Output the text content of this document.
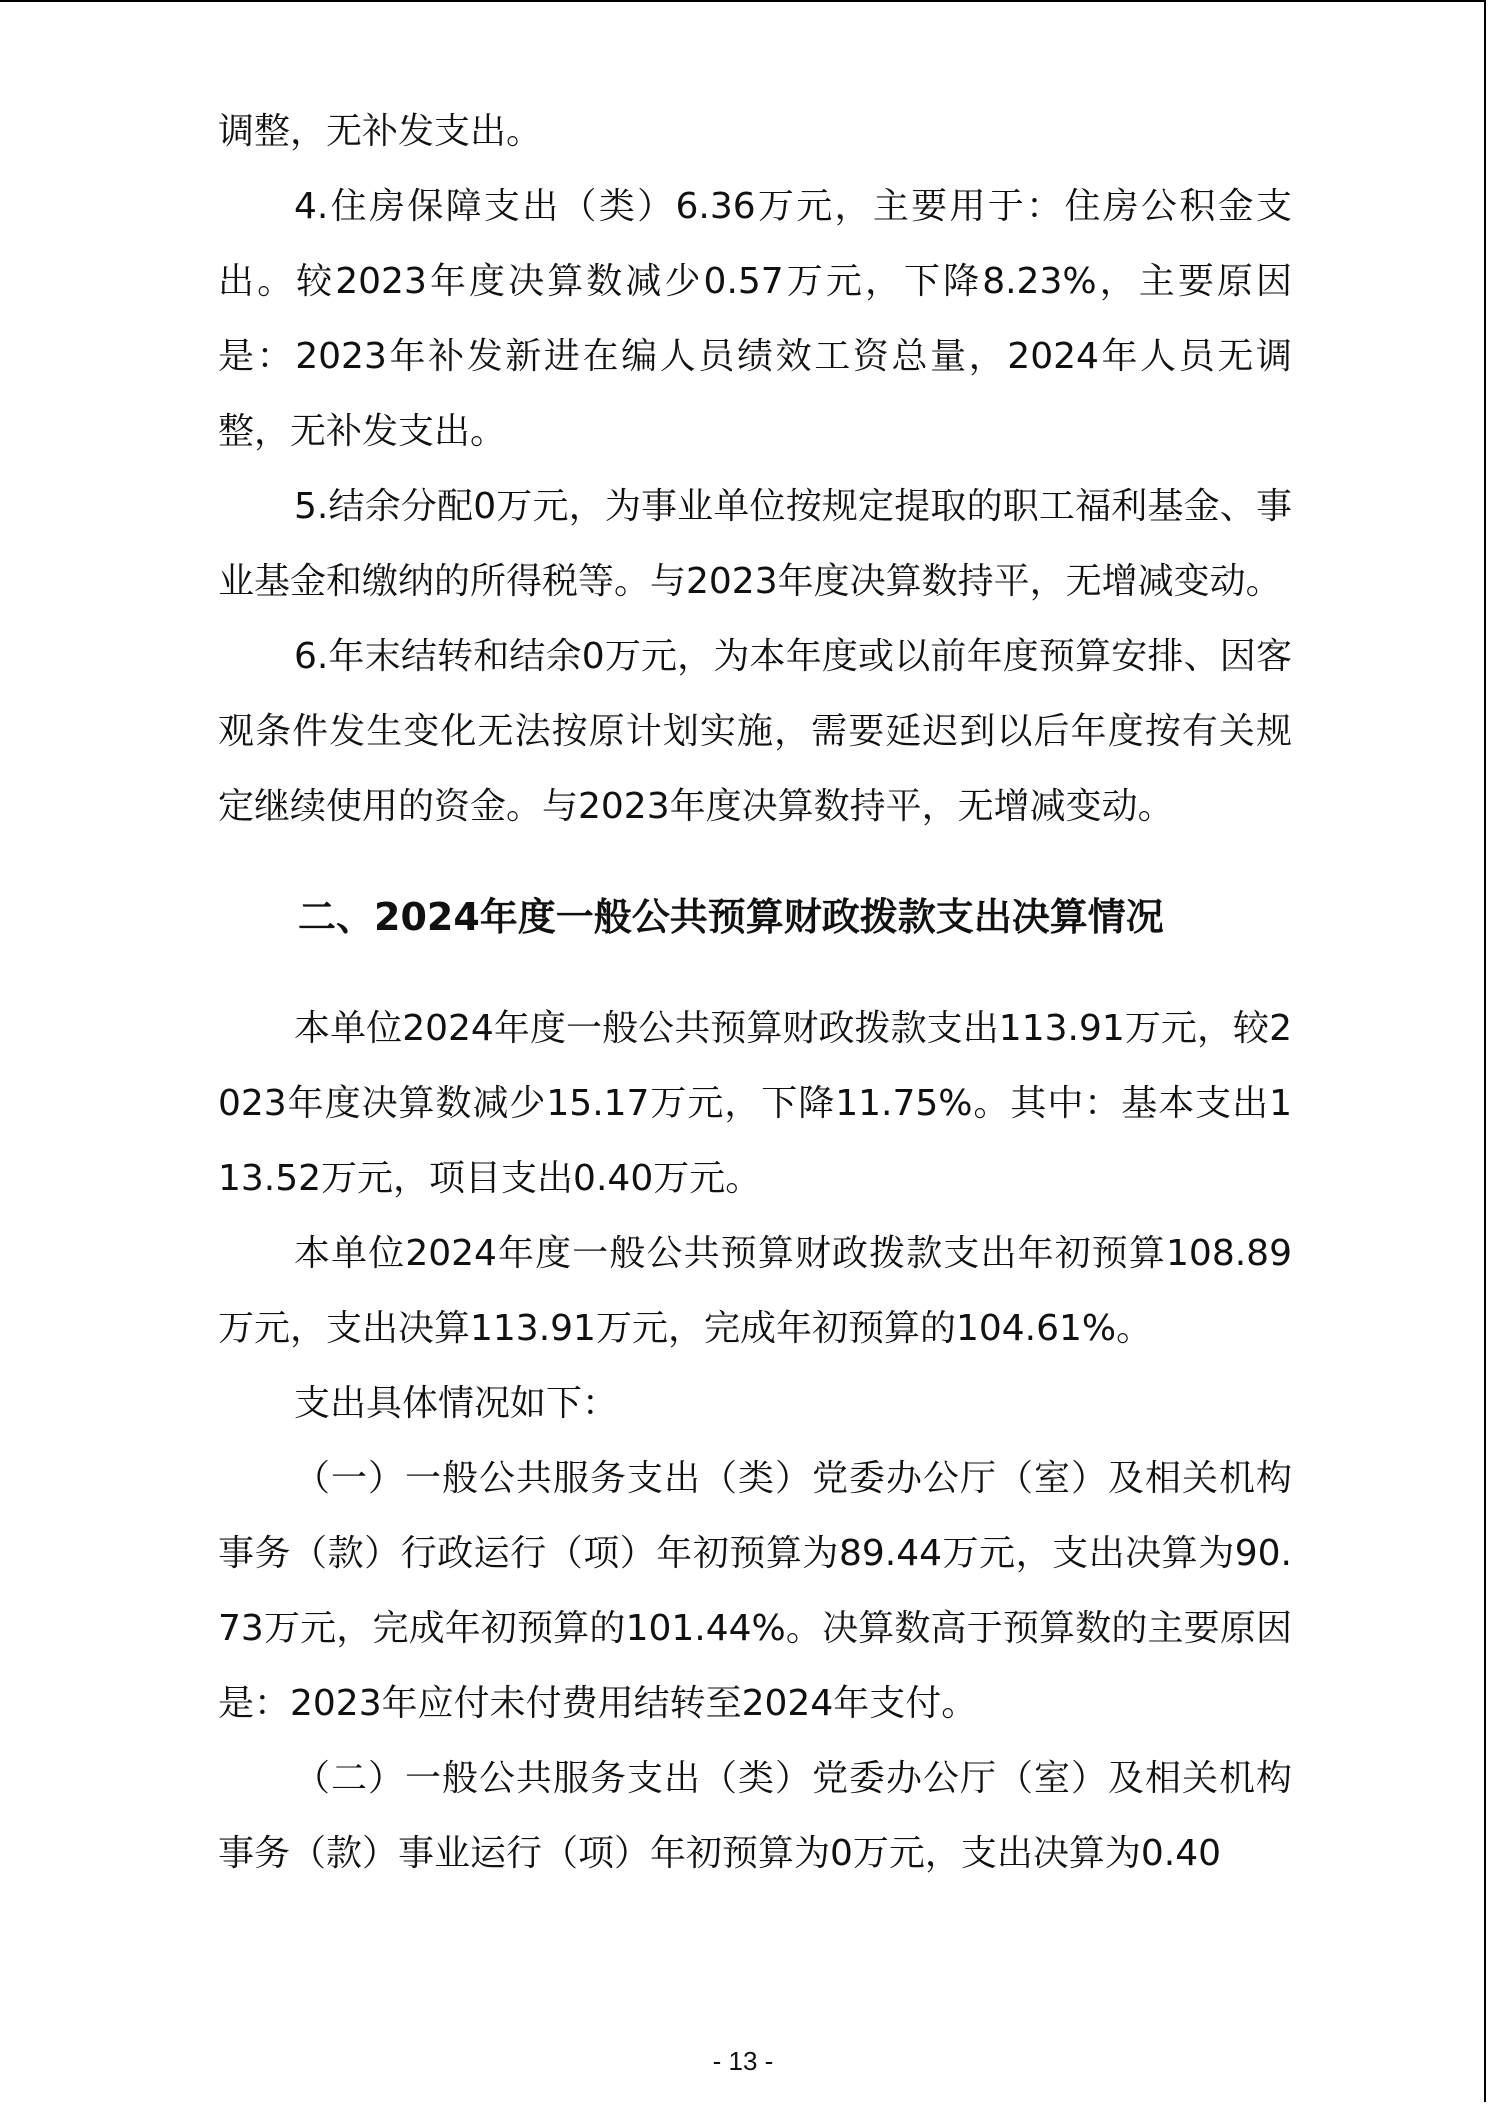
调整，无补发支出。

4.住房保障支出（类）6.36万元，主要用于：住房公积金支出。较2023年度决算数减少0.57万元，下降8.23%，主要原因是：2023年补发新进在编人员绩效工资总量，2024年人员无调整，无补发支出。

5.结余分配0万元，为事业单位按规定提取的职工福利基金、事业基金和缴纳的所得税等。与2023年度决算数持平，无增减变动。

6.年末结转和结余0万元，为本年度或以前年度预算安排、因客观条件发生变化无法按原计划实施，需要延迟到以后年度按有关规定继续使用的资金。与2023年度决算数持平，无增减变动。

二、2024年度一般公共预算财政拨款支出决算情况

本单位2024年度一般公共预算财政拨款支出113.91万元，较2023年度决算数减少15.17万元，下降11.75%。其中：基本支出113.52万元，项目支出0.40万元。

本单位2024年度一般公共预算财政拨款支出年初预算108.89万元，支出决算113.91万元，完成年初预算的104.61%。

支出具体情况如下：

（一）一般公共服务支出（类）党委办公厅（室）及相关机构事务（款）行政运行（项）年初预算为89.44万元，支出决算为90.73万元，完成年初预算的101.44%。决算数高于预算数的主要原因是：2023年应付未付费用结转至2024年支付。

（二）一般公共服务支出（类）党委办公厅（室）及相关机构事务（款）事业运行（项）年初预算为0万元，支出决算为0.40

- 13 -
